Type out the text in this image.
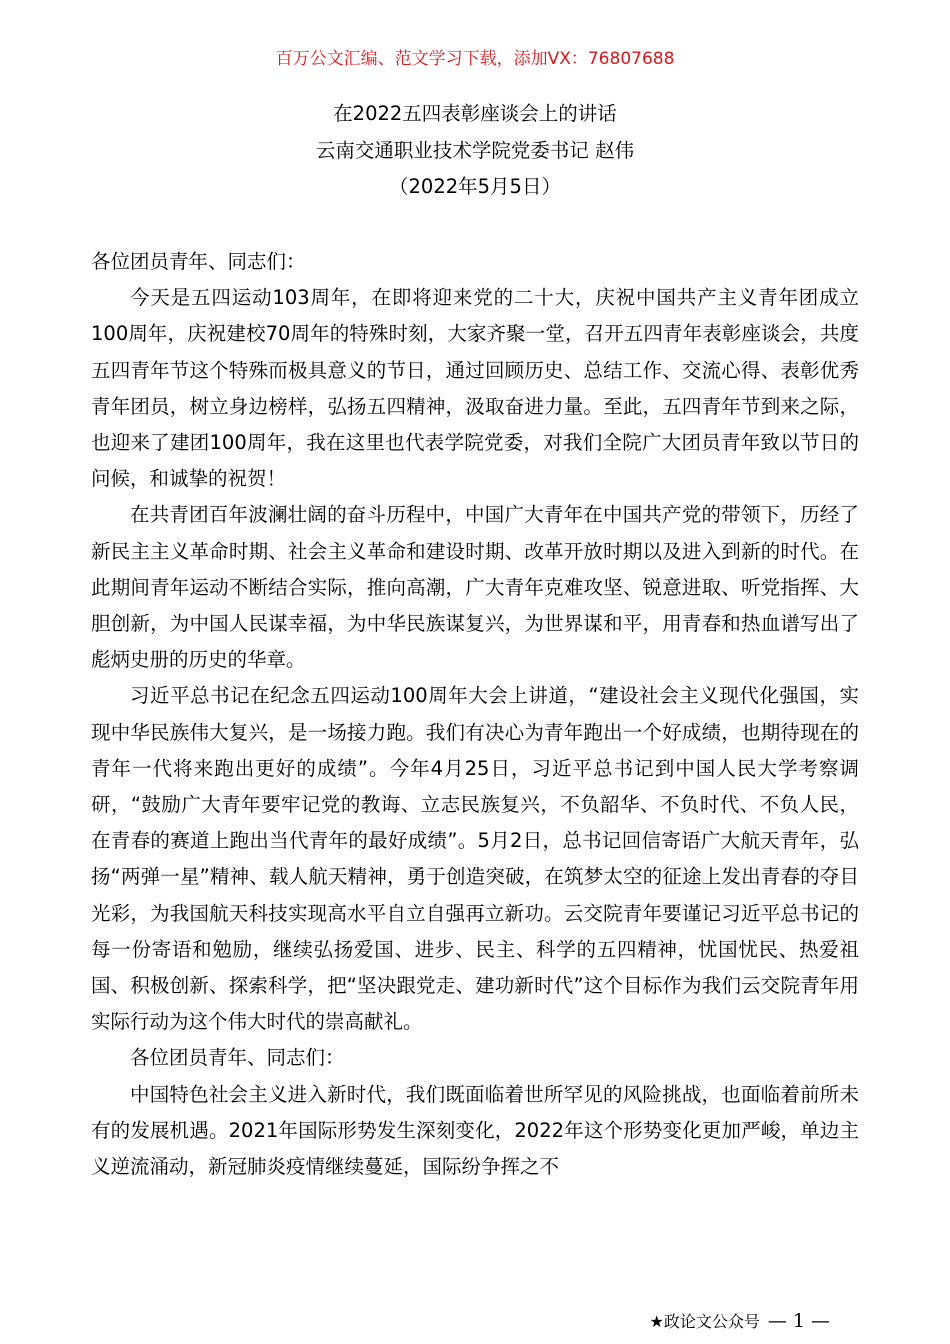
百万公文汇编、范文学习下载，添加VX：76807688
在2022五四表彰座谈会上的讲话
云南交通职业技术学院党委书记 赵伟
（2022年5月5日）

各位团员青年、同志们：

今天是五四运动103周年，在即将迎来党的二十大，庆祝中国共产主义青年团成立100周年，庆祝建校70周年的特殊时刻，大家齐聚一堂，召开五四青年表彰座谈会，共度五四青年节这个特殊而极具意义的节日，通过回顾历史、总结工作、交流心得、表彰优秀青年团员，树立身边榜样，弘扬五四精神，汲取奋进力量。至此，五四青年节到来之际，也迎来了建团100周年，我在这里也代表学院党委，对我们全院广大团员青年致以节日的问候，和诚挚的祝贺！

在共青团百年波澜壮阔的奋斗历程中，中国广大青年在中国共产党的带领下，历经了新民主主义革命时期、社会主义革命和建设时期、改革开放时期以及进入到新的时代。在此期间青年运动不断结合实际，推向高潮，广大青年克难攻坚、锐意进取、听党指挥、大胆创新，为中国人民谋幸福，为中华民族谋复兴，为世界谋和平，用青春和热血谱写出了彪炳史册的历史的华章。

习近平总书记在纪念五四运动100周年大会上讲道，“建设社会主义现代化强国，实现中华民族伟大复兴，是一场接力跑。我们有决心为青年跑出一个好成绩，也期待现在的青年一代将来跑出更好的成绩”。今年4月25日，习近平总书记到中国人民大学考察调研，“鼓励广大青年要牢记党的教诲、立志民族复兴，不负韶华、不负时代、不负人民，在青春的赛道上跑出当代青年的最好成绩”。5月2日，总书记回信寄语广大航天青年，弘扬“两弹一星”精神、载人航天精神，勇于创造突破，在筑梦太空的征途上发出青春的夺目光彩，为我国航天科技实现高水平自立自强再立新功。云交院青年要谨记习近平总书记的每一份寄语和勉励，继续弘扬爱国、进步、民主、科学的五四精神，忧国忧民、热爱祖国、积极创新、探索科学，把“坚决跟党走、建功新时代”这个目标作为我们云交院青年用实际行动为这个伟大时代的崇高献礼。

各位团员青年、同志们：

中国特色社会主义进入新时代，我们既面临着世所罕见的风险挑战，也面临着前所未有的发展机遇。2021年国际形势发生深刻变化，2022年这个形势变化更加严峻，单边主义逆流涌动，新冠肺炎疫情继续蔓延，国际纷争挥之不

★政论文公众号 — 1 —
